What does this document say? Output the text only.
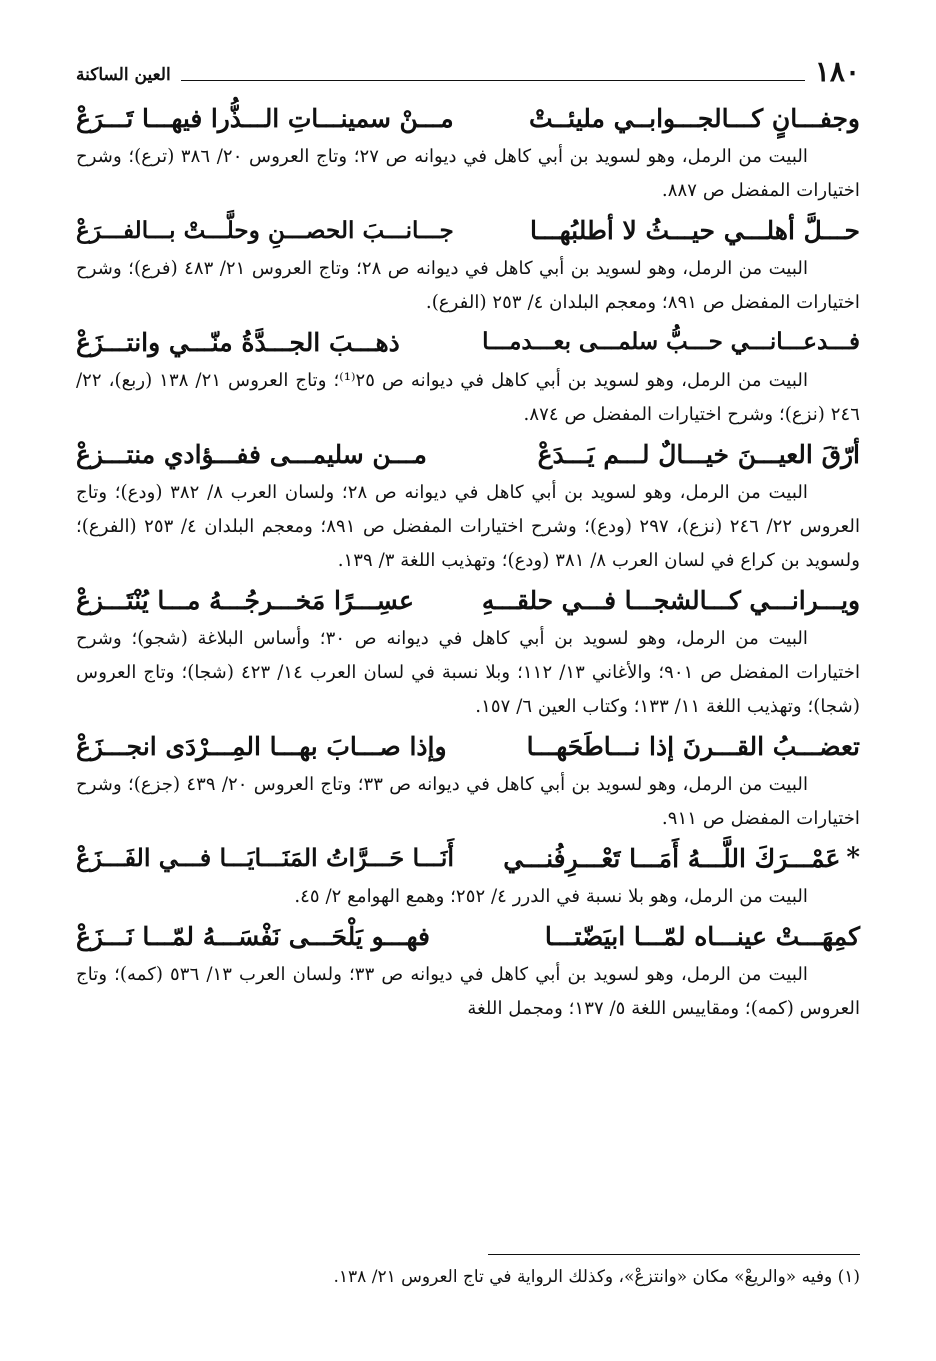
١٨٠
العين الساكنة
وجفـــانٍ كـــالجـــوابــي مليئــتْ
مـــنْ سمينـــاتِ الـــذُّرا فيهـــا تَـــرَعْ

البيت من الرمل، وهو لسويد بن أبي كاهل في ديوانه ص ٢٧؛ وتاج العروس ٢٠/ ٣٨٦ (ترع)؛ وشرح اختيارات المفضل ص ٨٨٧.

حـــلَّ أهلـــي حيـــثُ لا أطلبُهـــا
جـــانـــبَ الحصـــنِ وحلَّـــتْ بـــالفـــرَعْ

البيت من الرمل، وهو لسويد بن أبي كاهل في ديوانه ص ٢٨؛ وتاج العروس ٢١/ ٤٨٣ (فرع)؛ وشرح اختيارات المفضل ص ٨٩١؛ ومعجم البلدان ٤/ ٢٥٣ (الفرع).

فـــدعـــانـــي حـــبُّ سلمـــى بعـــدمـــا
ذهـــبَ الجـــدَّةُ منّـــي وانتـــزَعْ

البيت من الرمل، وهو لسويد بن أبي كاهل في ديوانه ص ٢٥⁽¹⁾؛ وتاج العروس ٢١/ ١٣٨ (ربع)، ٢٢/ ٢٤٦ (نزع)؛ وشرح اختيارات المفضل ص ٨٧٤.

أرّقَ العيـــنَ خيـــالٌ لـــم يَـــدَعْ
مـــن سليمـــى ففـــؤادي منتـــزعْ

البيت من الرمل، وهو لسويد بن أبي كاهل في ديوانه ص ٢٨؛ ولسان العرب ٨/ ٣٨٢ (ودع)؛ وتاج العروس ٢٢/ ٢٤٦ (نزع)، ٢٩٧ (ودع)؛ وشرح اختيارات المفضل ص ٨٩١؛ ومعجم البلدان ٤/ ٢٥٣ (الفرع)؛ ولسويد بن كراع في لسان العرب ٨/ ٣٨١ (ودع)؛ وتهذيب اللغة ٣/ ١٣٩.

ويـــرانـــي كـــالشجـــا فـــي حلقـــهِ
عسِـــرًا مَخـــرجُـــهُ مـــا يُنْتَـــزعْ

البيت من الرمل، وهو لسويد بن أبي كاهل في ديوانه ص ٣٠؛ وأساس البلاغة (شجو)؛ وشرح اختيارات المفضل ص ٩٠١؛ والأغاني ١٣/ ١١٢؛ وبلا نسبة في لسان العرب ١٤/ ٤٢٣ (شجا)؛ وتاج العروس (شجا)؛ وتهذيب اللغة ١١/ ١٣٣؛ وكتاب العين ٦/ ١٥٧.

تعضـــبُ القـــرنَ إذا نـــاطَحَهـــا
وإذا صـــابَ بهـــا المِـــرْدَى انجـــزَعْ

البيت من الرمل، وهو لسويد بن أبي كاهل في ديوانه ص ٣٣؛ وتاج العروس ٢٠/ ٤٣٩ (جزع)؛ وشرح اختيارات المفضل ص ٩١١.

*
عَمْـــرَكَ اللَّـــهُ أَمَـــا تَعْـــرِفُنـــي
أَنَـــا حَـــرَّاتُ المَنَـــايَـــا فـــي الفَـــزَعْ

البيت من الرمل، وهو بلا نسبة في الدرر ٤/ ٢٥٢؛ وهمع الهوامع ٢/ ٤٥.

كمِهَـــتْ عينـــاه لمّـــا ابيَضّتـــا
فهـــو يَلْحَـــى نَفْسَـــهُ لمّـــا نَـــزَعْ

البيت من الرمل، وهو لسويد بن أبي كاهل في ديوانه ص ٣٣؛ ولسان العرب ١٣/ ٥٣٦ (كمه)؛ وتاج العروس (كمه)؛ ومقاييس اللغة ٥/ ١٣٧؛ ومجمل اللغة

(١) وفيه «والريعْ» مكان «وانتزعْ»، وكذلك الرواية في تاج العروس ٢١/ ١٣٨.
